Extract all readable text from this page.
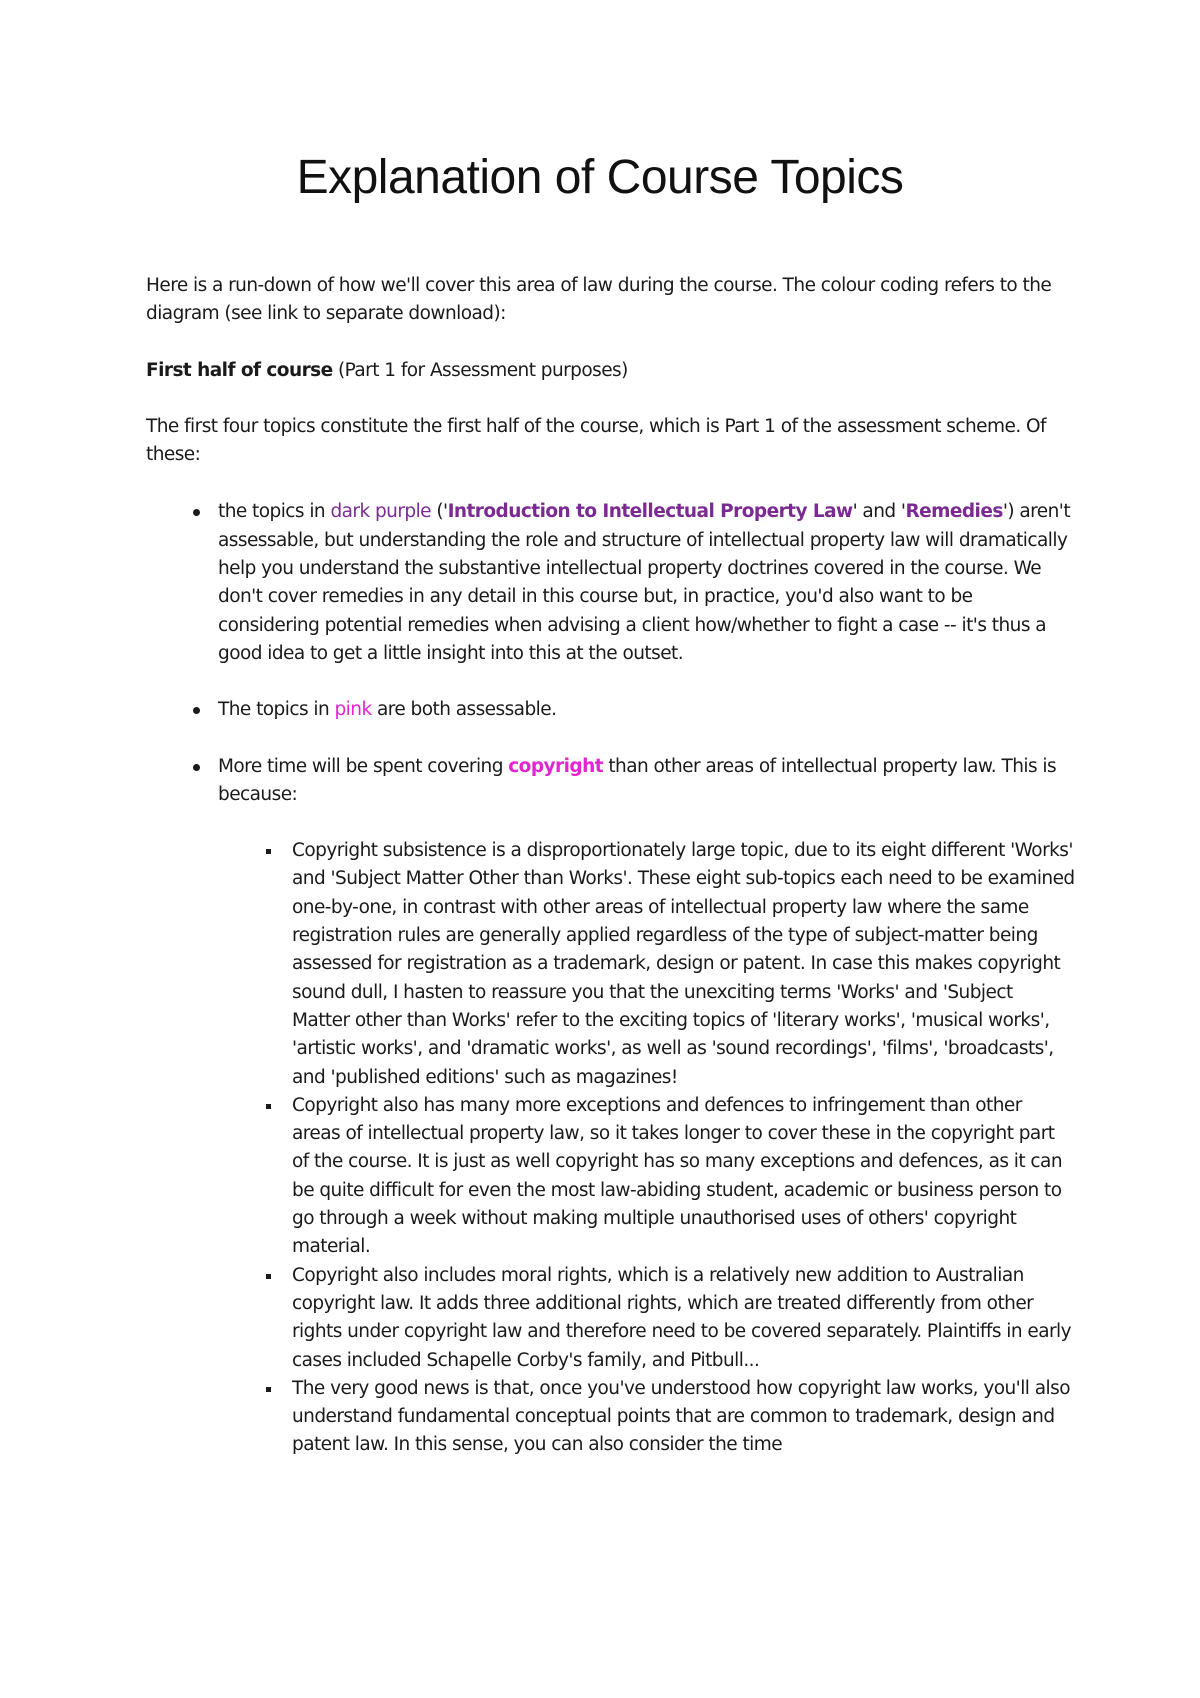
Explanation of Course Topics

Here is a run-down of how we'll cover this area of law during the course. The colour coding refers to the diagram (see link to separate download):

First half of course (Part 1 for Assessment purposes)

The first four topics constitute the first half of the course, which is Part 1 of the assessment scheme. Of these:

the topics in dark purple ('Introduction to Intellectual Property Law' and 'Remedies') aren't assessable, but understanding the role and structure of intellectual property law will dramatically help you understand the substantive intellectual property doctrines covered in the course. We don't cover remedies in any detail in this course but, in practice, you'd also want to be considering potential remedies when advising a client how/whether to fight a case -- it's thus a good idea to get a little insight into this at the outset.
The topics in pink are both assessable.
More time will be spent covering copyright than other areas of intellectual property law. This is because:
Copyright subsistence is a disproportionately large topic, due to its eight different 'Works' and 'Subject Matter Other than Works'. These eight sub-topics each need to be examined one-by-one, in contrast with other areas of intellectual property law where the same registration rules are generally applied regardless of the type of subject-matter being assessed for registration as a trademark, design or patent. In case this makes copyright sound dull, I hasten to reassure you that the unexciting terms 'Works' and 'Subject Matter other than Works' refer to the exciting topics of 'literary works', 'musical works', 'artistic works', and 'dramatic works', as well as 'sound recordings', 'films', 'broadcasts', and 'published editions' such as magazines!
Copyright also has many more exceptions and defences to infringement than other areas of intellectual property law, so it takes longer to cover these in the copyright part of the course. It is just as well copyright has so many exceptions and defences, as it can be quite difficult for even the most law-abiding student, academic or business person to go through a week without making multiple unauthorised uses of others' copyright material.
Copyright also includes moral rights, which is a relatively new addition to Australian copyright law. It adds three additional rights, which are treated differently from other rights under copyright law and therefore need to be covered separately. Plaintiffs in early cases included Schapelle Corby's family, and Pitbull...
The very good news is that, once you've understood how copyright law works, you'll also understand fundamental conceptual points that are common to trademark, design and patent law. In this sense, you can also consider the time
